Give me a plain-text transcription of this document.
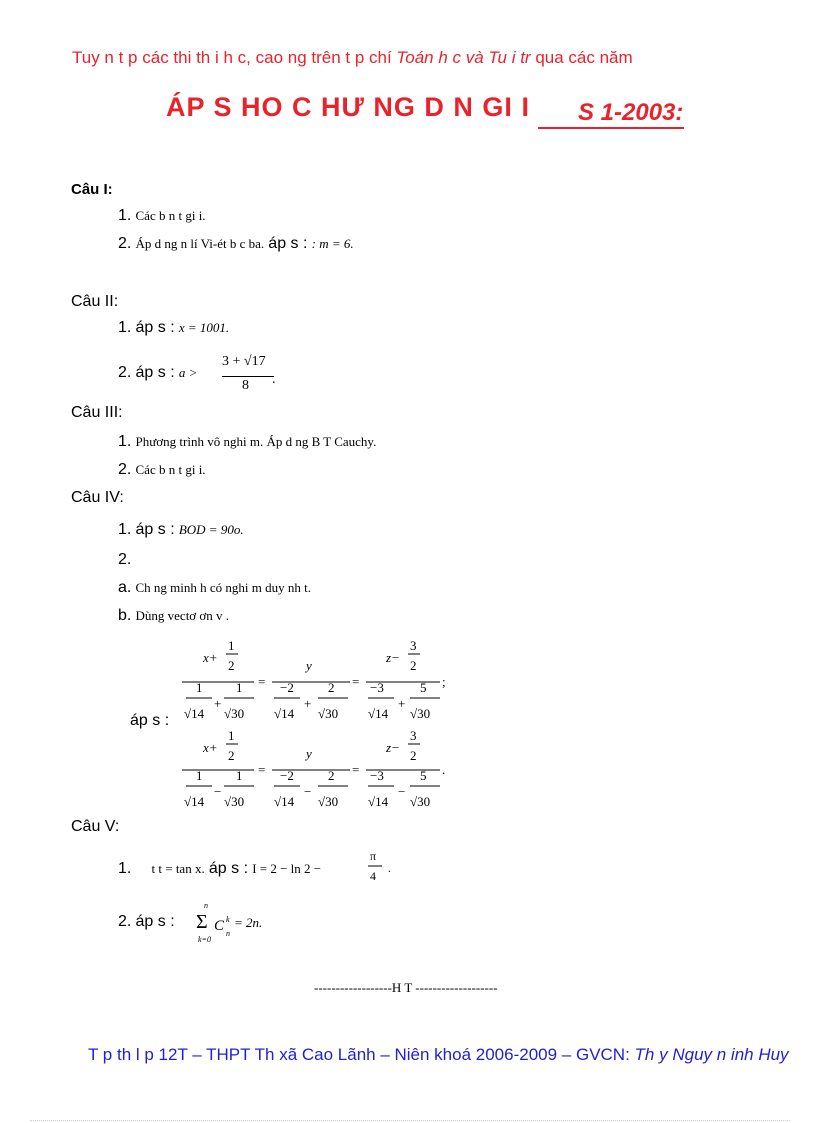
Tuy n t p các thi th i h c, cao ng trên t p chí Toán h c và Tu i tr qua các năm
ÁP S HO C HƯ NG D N GI I S 1-2003:
Câu I:
1. Các b n t gi i.
2. Áp d ng n lí Vi-ét b c ba. áp s : : m = 6.
Câu II:
1. áp s : x = 1001.
2. áp s : a >
3 + √17
8 .
Câu III:
1. Phương trình vô nghi m. Áp d ng B T Cauchy.
2. Các b n t gi i.
Câu IV:
1. áp s : BOD = 90o.
2.
a. Ch ng minh h có nghi m duy nh t.
b. Dùng vectơ ơn v .
áp s :
x+
1
2
1
√14
+
1
√30
=
y
−2
√14
+
2
√30
=
z−
3
2
−3
√14
+
5
√30
;
x+
1
2
1
√14
−
1
√30
=
y
−2
√14
−
2
√30
=
z−
3
2
−3
√14
−
5
√30
.
Câu V:
1. t t = tan x. áp s : I = 2 − ln 2 −
π
4
.
2. áp s :
n
Σ
k=0
C k
n
= 2n.
------------------H T -------------------
T p th l p 12T – THPT Th xã Cao Lãnh – Niên khoá 2006-2009 – GVCN: Th y Nguy n inh Huy
